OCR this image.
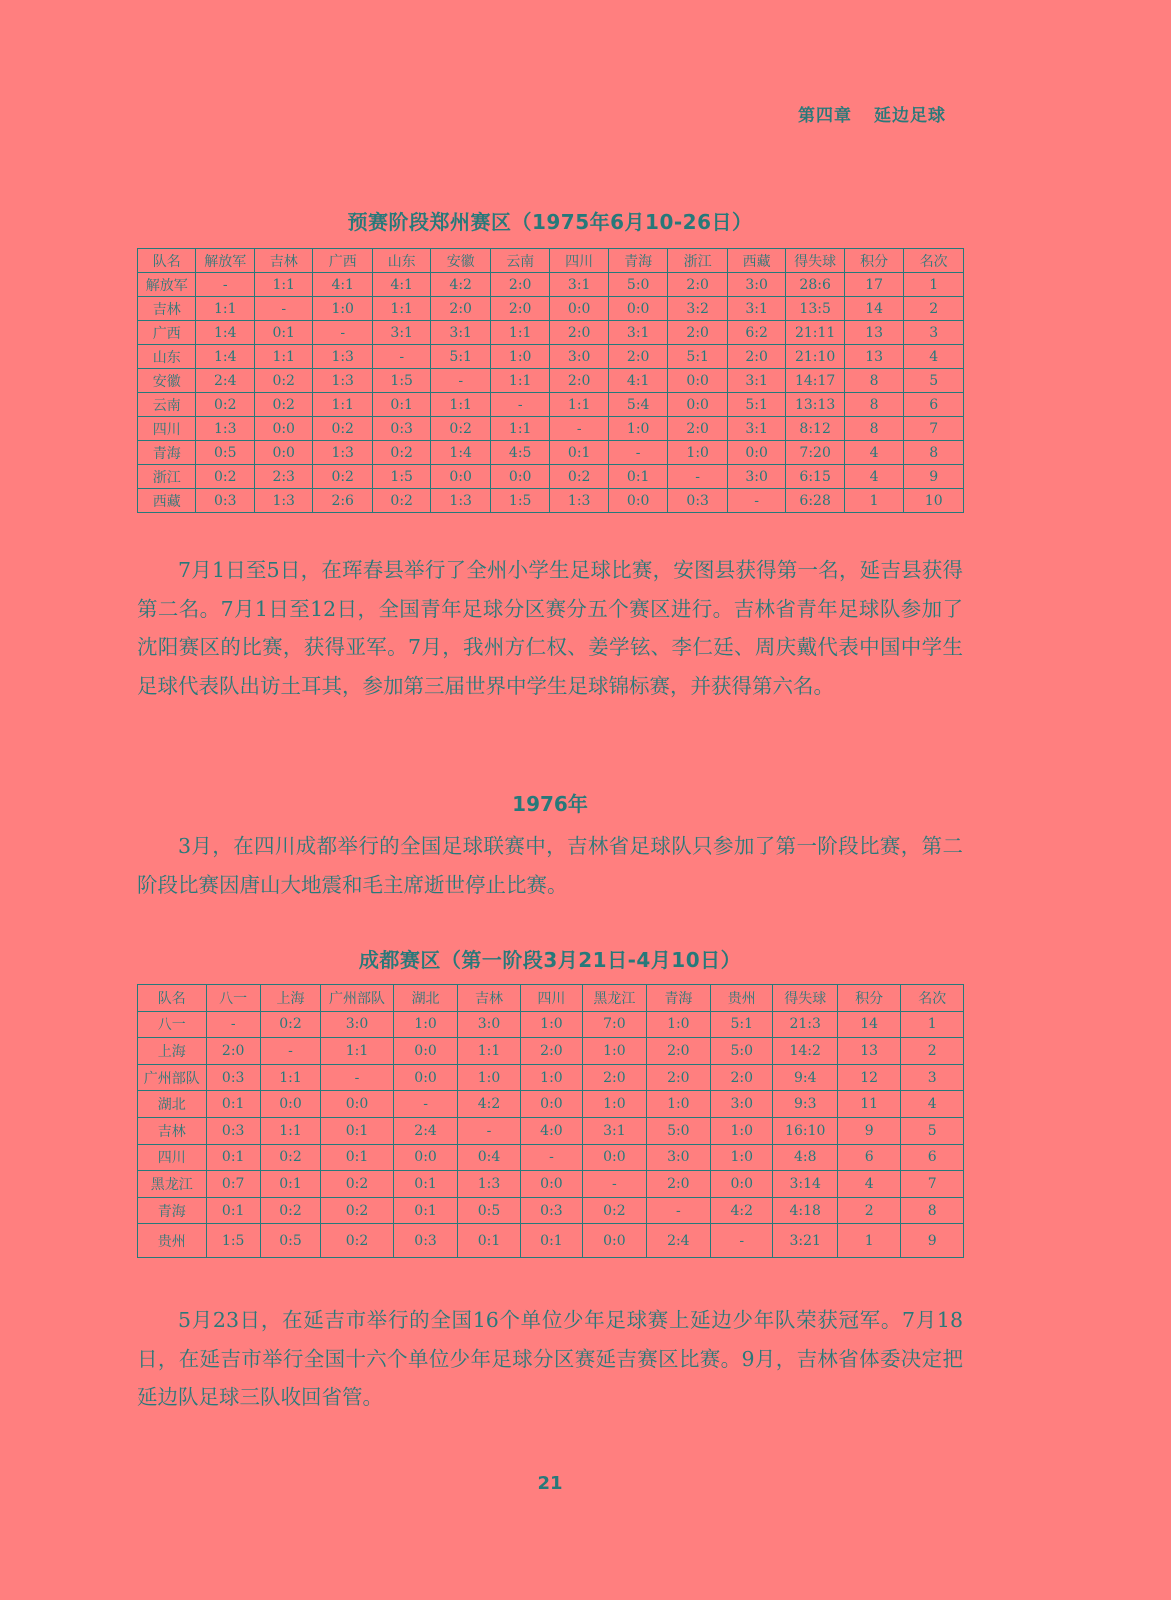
第四章 延边足球
预赛阶段郑州赛区（1975年6月10-26日）
队名	解放军	吉林	广西	山东	安徽	云南	四川	青海	浙江	西藏	得失球	积分	名次
解放军	-	1:1	4:1	4:1	4:2	2:0	3:1	5:0	2:0	3:0	28:6	17	1
吉林	1:1	-	1:0	1:1	2:0	2:0	0:0	0:0	3:2	3:1	13:5	14	2
广西	1:4	0:1	-	3:1	3:1	1:1	2:0	3:1	2:0	6:2	21:11	13	3
山东	1:4	1:1	1:3	-	5:1	1:0	3:0	2:0	5:1	2:0	21:10	13	4
安徽	2:4	0:2	1:3	1:5	-	1:1	2:0	4:1	0:0	3:1	14:17	8	5
云南	0:2	0:2	1:1	0:1	1:1	-	1:1	5:4	0:0	5:1	13:13	8	6
四川	1:3	0:0	0:2	0:3	0:2	1:1	-	1:0	2:0	3:1	8:12	8	7
青海	0:5	0:0	1:3	0:2	1:4	4:5	0:1	-	1:0	0:0	7:20	4	8
浙江	0:2	2:3	0:2	1:5	0:0	0:0	0:2	0:1	-	3:0	6:15	4	9
西藏	0:3	1:3	2:6	0:2	1:3	1:5	1:3	0:0	0:3	-	6:28	1	10
7月1日至5日，在珲春县举行了全州小学生足球比赛，安图县获得第一名，延吉县获得第二名。7月1日至12日，全国青年足球分区赛分五个赛区进行。吉林省青年足球队参加了沈阳赛区的比赛，获得亚军。7月，我州方仁权、姜学铉、李仁廷、周庆戴代表中国中学生足球代表队出访土耳其，参加第三届世界中学生足球锦标赛，并获得第六名。
1976年
3月，在四川成都举行的全国足球联赛中，吉林省足球队只参加了第一阶段比赛，第二阶段比赛因唐山大地震和毛主席逝世停止比赛。
成都赛区（第一阶段3月21日-4月10日）
队名	八一	上海	广州部队	湖北	吉林	四川	黑龙江	青海	贵州	得失球	积分	名次
八一	-	0:2	3:0	1:0	3:0	1:0	7:0	1:0	5:1	21:3	14	1
上海	2:0	-	1:1	0:0	1:1	2:0	1:0	2:0	5:0	14:2	13	2
广州部队	0:3	1:1	-	0:0	1:0	1:0	2:0	2:0	2:0	9:4	12	3
湖北	0:1	0:0	0:0	-	4:2	0:0	1:0	1:0	3:0	9:3	11	4
吉林	0:3	1:1	0:1	2:4	-	4:0	3:1	5:0	1:0	16:10	9	5
四川	0:1	0:2	0:1	0:0	0:4	-	0:0	3:0	1:0	4:8	6	6
黑龙江	0:7	0:1	0:2	0:1	1:3	0:0	-	2:0	0:0	3:14	4	7
青海	0:1	0:2	0:2	0:1	0:5	0:3	0:2	-	4:2	4:18	2	8
贵州	1:5	0:5	0:2	0:3	0:1	0:1	0:0	2:4	-	3:21	1	9
5月23日，在延吉市举行的全国16个单位少年足球赛上延边少年队荣获冠军。7月18日，在延吉市举行全国十六个单位少年足球分区赛延吉赛区比赛。9月，吉林省体委决定把延边队足球三队收回省管。
21
